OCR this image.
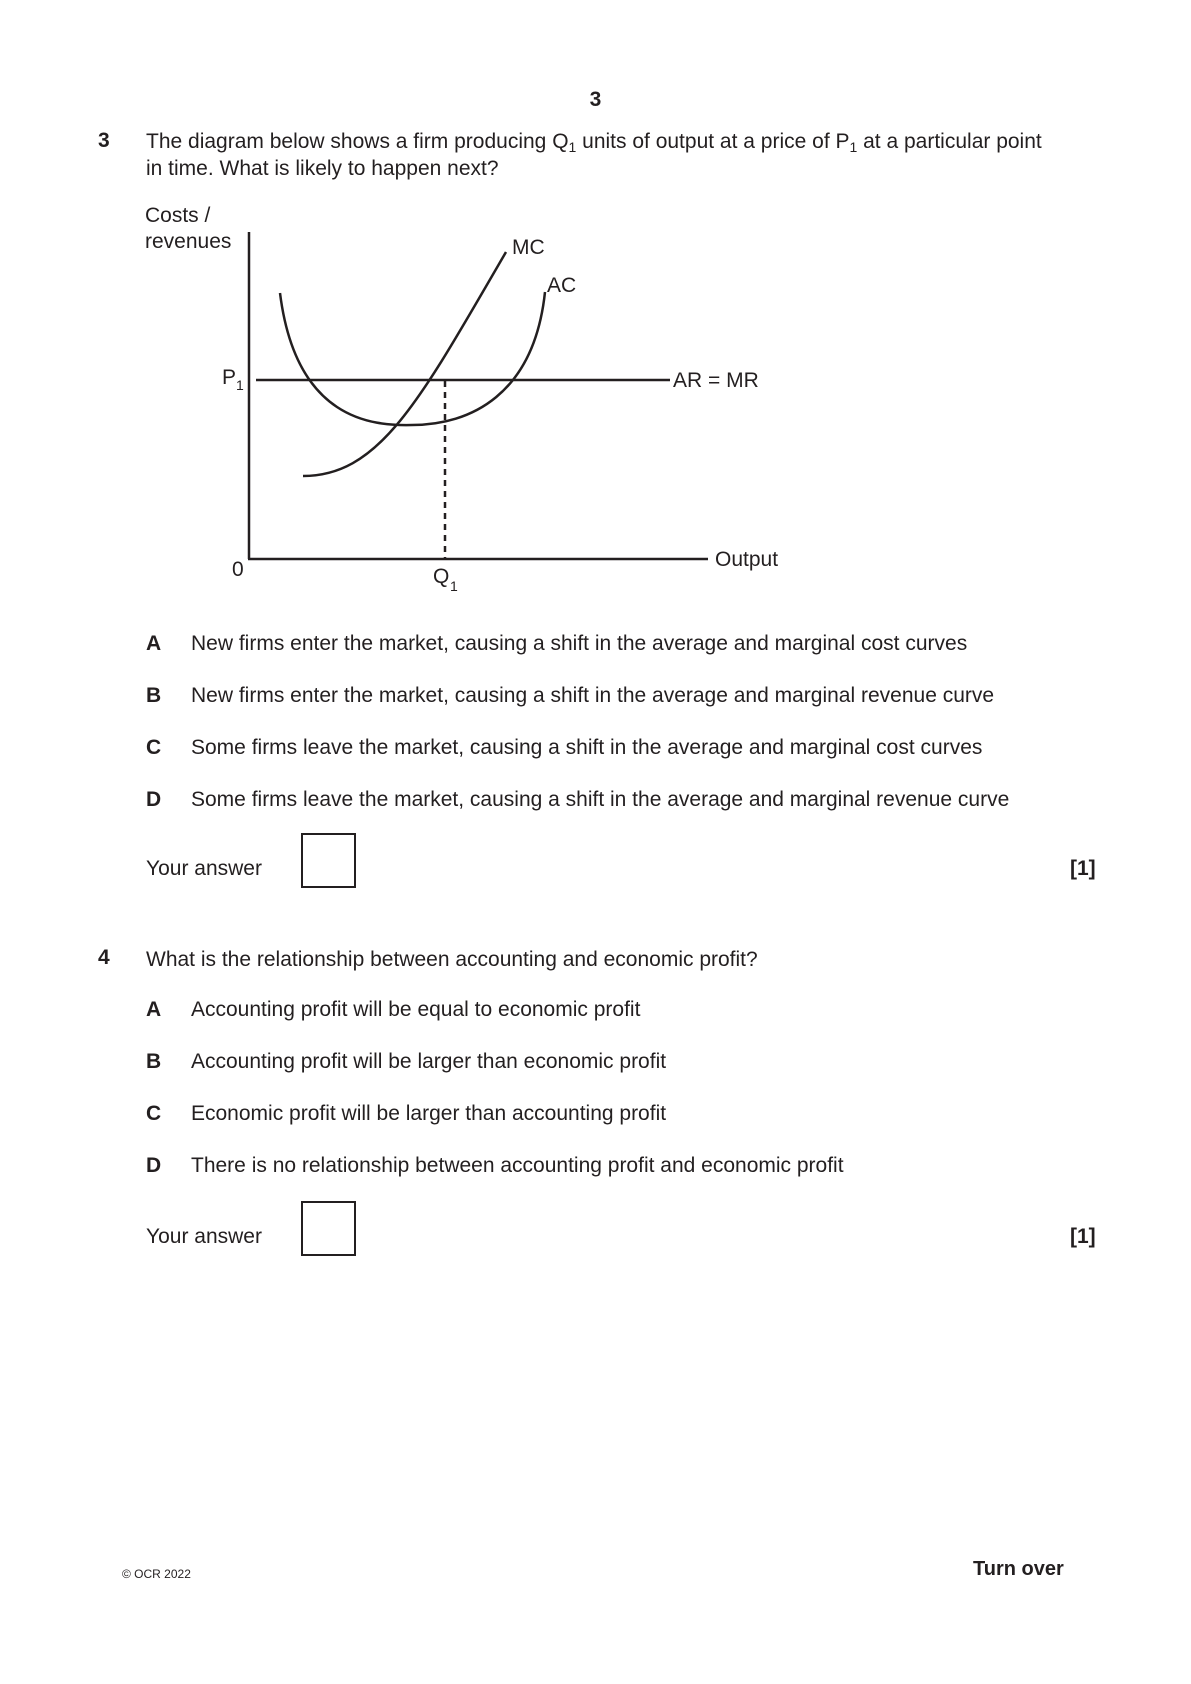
3
3 The diagram below shows a firm producing $Q_1$ units of output at a price of $P_1$ at a particular point
in time. What is likely to happen next?
Costs /
revenues	MC
AC
P 1	AR = MR
0	Q 1
Output
A New firms enter the market, causing a shift in the average and marginal cost curves
B New firms enter the market, causing a shift in the average and marginal revenue curve
C Some firms leave the market, causing a shift in the average and marginal cost curves
D Some firms leave the market, causing a shift in the average and marginal revenue curve
Your answer	[1]
4 What is the relationship between accounting and economic profit?
A Accounting profit will be equal to economic profit
B Accounting profit will be larger than economic profit
C Economic profit will be larger than accounting profit
D There is no relationship between accounting profit and economic profit
Your answer	[1]
© OCR 2022	Turn over
